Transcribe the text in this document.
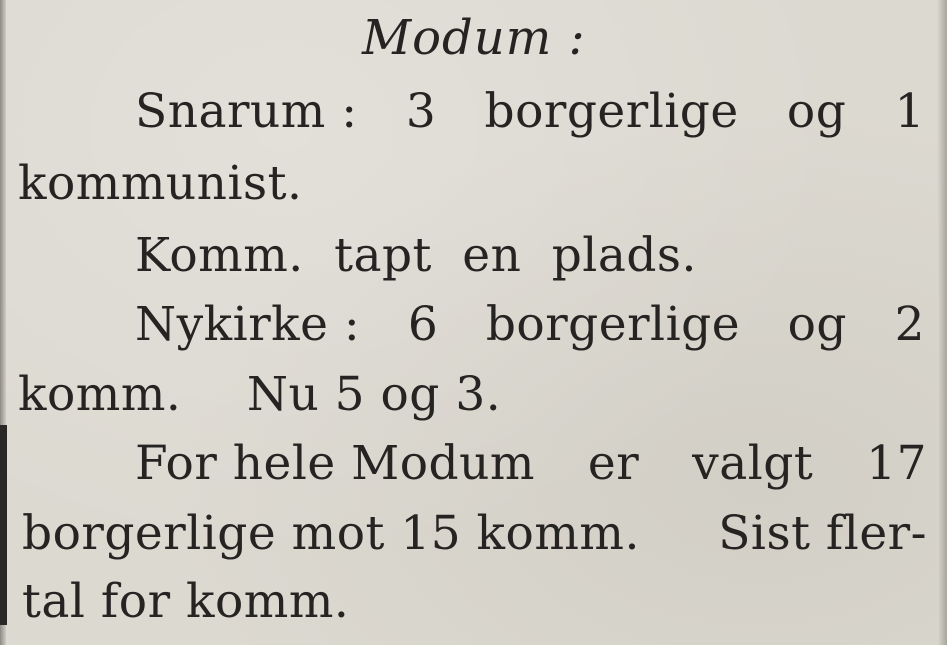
Modum :
Snarum : 3 borgerlige og 1
kommunist.
Komm. tapt en plads.
Nykirke : 6 borgerlige og 2
komm. Nu 5 og 3.
For hele Modum er valgt 17
borgerlige mot 15 komm. Sist fler-
tal for komm.
